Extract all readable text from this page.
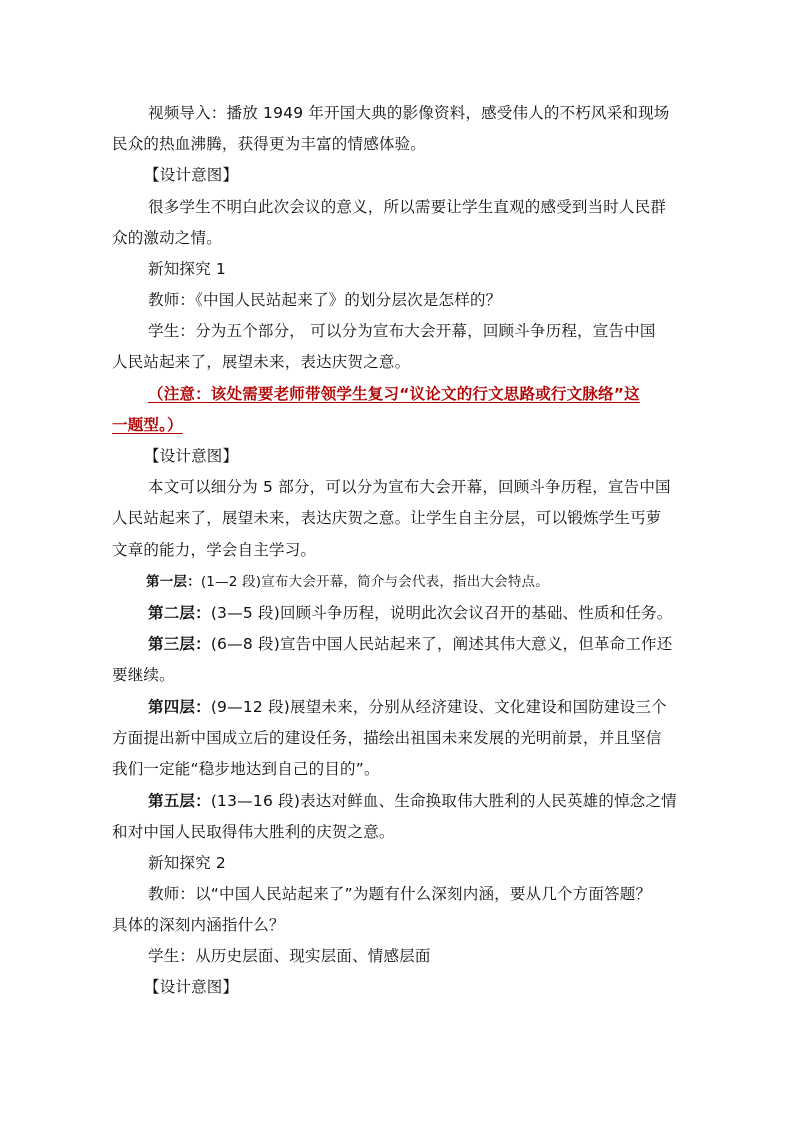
视频导入：播放 1949 年开国大典的影像资料，感受伟人的不朽风采和现场
民众的热血沸腾，获得更为丰富的情感体验。
【设计意图】
很多学生不明白此次会议的意义，所以需要让学生直观的感受到当时人民群
众的激动之情。
新知探究 1
教师：《中国人民站起来了》的划分层次是怎样的？
学生：分为五个部分， 可以分为宣布大会开幕，回顾斗争历程，宣告中国
人民站起来了，展望未来，表达庆贺之意。
（注意：该处需要老师带领学生复习“议论文的行文思路或行文脉络”这
一题型。）
【设计意图】
本文可以细分为 5 部分，可以分为宣布大会开幕，回顾斗争历程，宣告中国
人民站起来了，展望未来，表达庆贺之意。让学生自主分层，可以锻炼学生丐萝
文章的能力，学会自主学习。
第一层：(1—2 段)宣布大会开幕，简介与会代表，指出大会特点。
第二层：(3—5 段)回顾斗争历程，说明此次会议召开的基础、性质和任务。
第三层：(6—8 段)宣告中国人民站起来了，阐述其伟大意义，但革命工作还
要继续。
第四层：(9—12 段)展望未来，分别从经济建设、文化建设和国防建设三个
方面提出新中国成立后的建设任务，描绘出祖国未来发展的光明前景，并且坚信
我们一定能“稳步地达到自己的目的”。
第五层：(13—16 段)表达对鲜血、生命换取伟大胜利的人民英雄的悼念之情
和对中国人民取得伟大胜利的庆贺之意。
新知探究 2
教师：以“中国人民站起来了”为题有什么深刻内涵，要从几个方面答题？
具体的深刻内涵指什么？
学生：从历史层面、现实层面、情感层面
【设计意图】
